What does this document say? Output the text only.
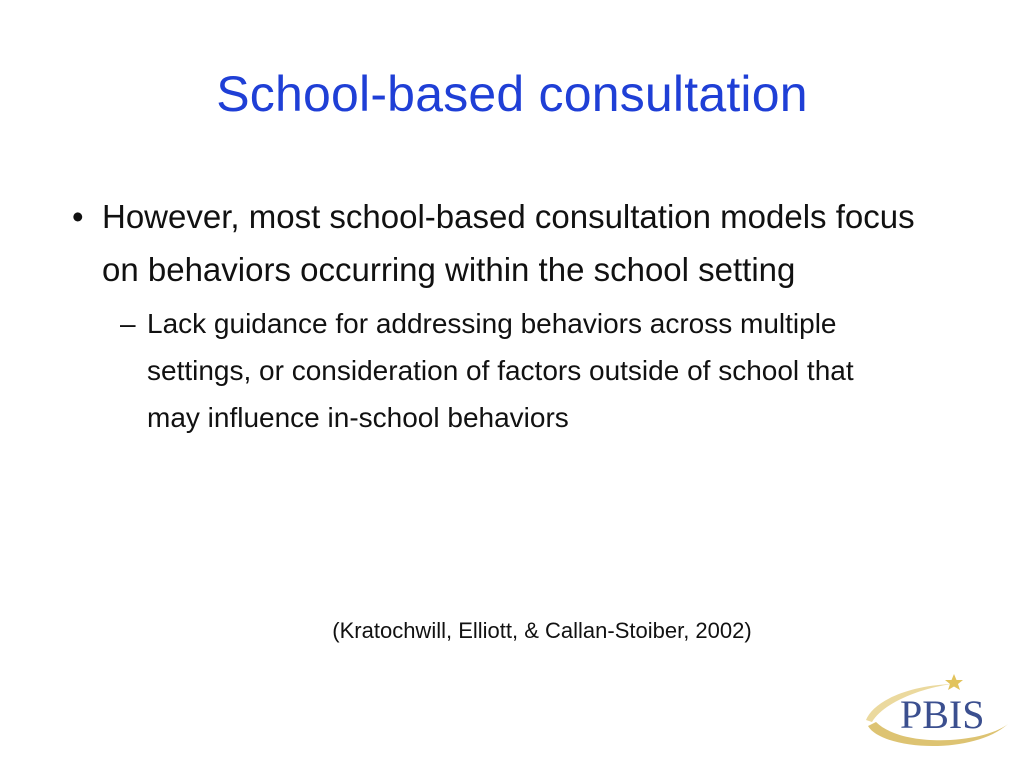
School-based consultation
• However, most school-based consultation models focus on behaviors occurring within the school setting
– Lack guidance for addressing behaviors across multiple settings, or consideration of factors outside of school that may influence in-school behaviors
(Kratochwill, Elliott, & Callan-Stoiber, 2002)
PBIS
